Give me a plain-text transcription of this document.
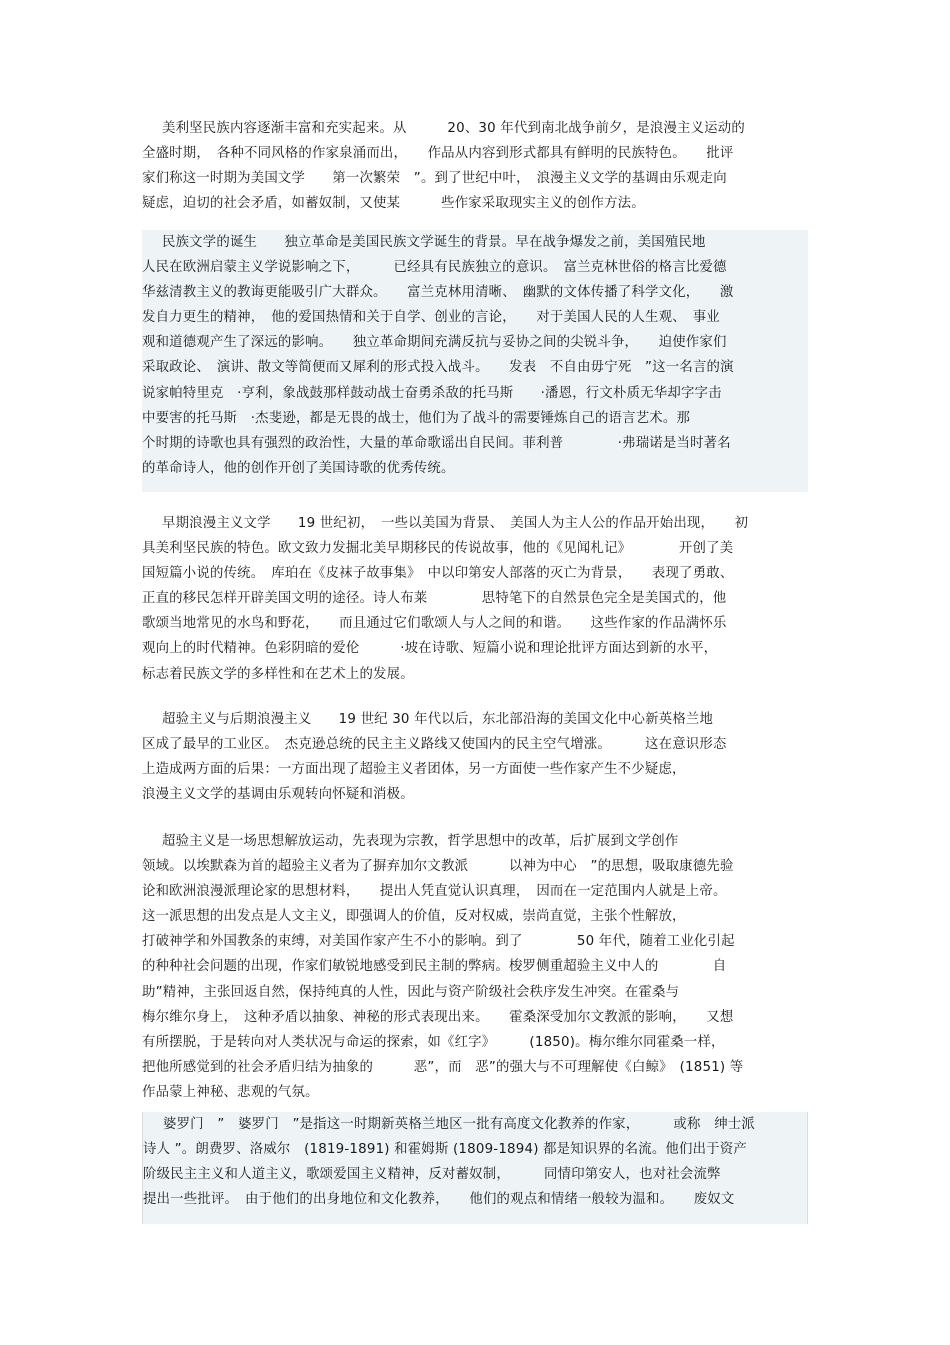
美利坚民族内容逐渐丰富和充实起来。从　　　20、30 年代到南北战争前夕，是浪漫主义运动的
全盛时期，　各种不同风格的作家泉涌而出，　　作品从内容到形式都具有鲜明的民族特色。　　批评
家们称这一时期为美国文学　　第一次繁荣　”。到了世纪中叶，　浪漫主义文学的基调由乐观走向
疑虑，迫切的社会矛盾，如蓄奴制，又使某　　　些作家采取现实主义的创作方法。
民族文学的诞生　　独立革命是美国民族文学诞生的背景。早在战争爆发之前，美国殖民地
人民在欧洲启蒙主义学说影响之下，　　　已经具有民族独立的意识。　富兰克林世俗的格言比爱德
华兹清教主义的教诲更能吸引广大群众。　　富兰克林用清晰、　幽默的文体传播了科学文化，　　激
发自力更生的精神，　他的爱国热情和关于自学、创业的言论，　　对于美国人民的人生观、　事业
观和道德观产生了深远的影响。　　独立革命期间充满反抗与妥协之间的尖锐斗争，　　迫使作家们
采取政论、　演讲、散文等简便而又犀利的形式投入战斗。　　发表　不自由毋宁死　”这一名言的演
说家帕特里克　·亨利，象战鼓那样鼓动战士奋勇杀敌的托马斯　　·潘恩，行文朴质无华却字字击
中要害的托马斯　·杰斐逊，都是无畏的战士，他们为了战斗的需要锤炼自己的语言艺术。那
个时期的诗歌也具有强烈的政治性，大量的革命歌谣出自民间。菲利普　　　　·弗瑞诺是当时著名
的革命诗人，他的创作开创了美国诗歌的优秀传统。
早期浪漫主义文学　　19 世纪初，　一些以美国为背景、　美国人为主人公的作品开始出现，　　初
具美利坚民族的特色。欧文致力发掘北美早期移民的传说故事，他的《见闻札记》　　　　开创了美
国短篇小说的传统。　库珀在《皮袜子故事集》　中以印第安人部落的灭亡为背景，　　表现了勇敢、
正直的移民怎样开辟美国文明的途径。诗人布莱　　　　思特笔下的自然景色完全是美国式的，他
歌颂当地常见的水鸟和野花，　　而且通过它们歌颂人与人之间的和谐。　　这些作家的作品满怀乐
观向上的时代精神。色彩阴暗的爱伦　　　·坡在诗歌、短篇小说和理论批评方面达到新的水平，
标志着民族文学的多样性和在艺术上的发展。
超验主义与后期浪漫主义　　19 世纪 30 年代以后，东北部沿海的美国文化中心新英格兰地
区成了最早的工业区。　杰克逊总统的民主主义路线又使国内的民主空气增涨。　　　这在意识形态
上造成两方面的后果：一方面出现了超验主义者团体，另一方面使一些作家产生不少疑虑，
浪漫主义文学的基调由乐观转向怀疑和消极。
超验主义是一场思想解放运动，先表现为宗教，哲学思想中的改革，后扩展到文学创作
领域。以埃默森为首的超验主义者为了摒弃加尔文教派　　　以神为中心　”的思想，吸取康德先验
论和欧洲浪漫派理论家的思想材料，　　提出人凭直觉认识真理，　因而在一定范围内人就是上帝。
这一派思想的出发点是人文主义，即强调人的价值，反对权威，崇尚直觉，主张个性解放，
打破神学和外国教条的束缚，对美国作家产生不小的影响。到了　　　　50 年代，随着工业化引起
的种种社会问题的出现，作家们敏锐地感受到民主制的弊病。梭罗侧重超验主义中人的　　　　自
助”精神，主张回返自然，保持纯真的人性，因此与资产阶级社会秩序发生冲突。在霍桑与
梅尔维尔身上，　这种矛盾以抽象、神秘的形式表现出来。　　霍桑深受加尔文教派的影响，　　又想
有所摆脱，于是转向对人类状况与命运的探索，如《红字》　　　(1850)。梅尔维尔同霍桑一样，
把他所感觉到的社会矛盾归结为抽象的　　　恶”，而　恶”的强大与不可理解使《白鲸》　(1851) 等
作品蒙上神秘、悲观的气氛。
婆罗门　”　婆罗门　”是指这一时期新英格兰地区一批有高度文化教养的作家，　　　或称　绅士派
诗人 ”。朗费罗、洛威尔　(1819-1891) 和霍姆斯 (1809-1894) 都是知识界的名流。他们出于资产
阶级民主主义和人道主义，歌颂爱国主义精神，反对蓄奴制，　　　同情印第安人，也对社会流弊
提出一些批评。　由于他们的出身地位和文化教养，　　他们的观点和情绪一般较为温和。　　废奴文
